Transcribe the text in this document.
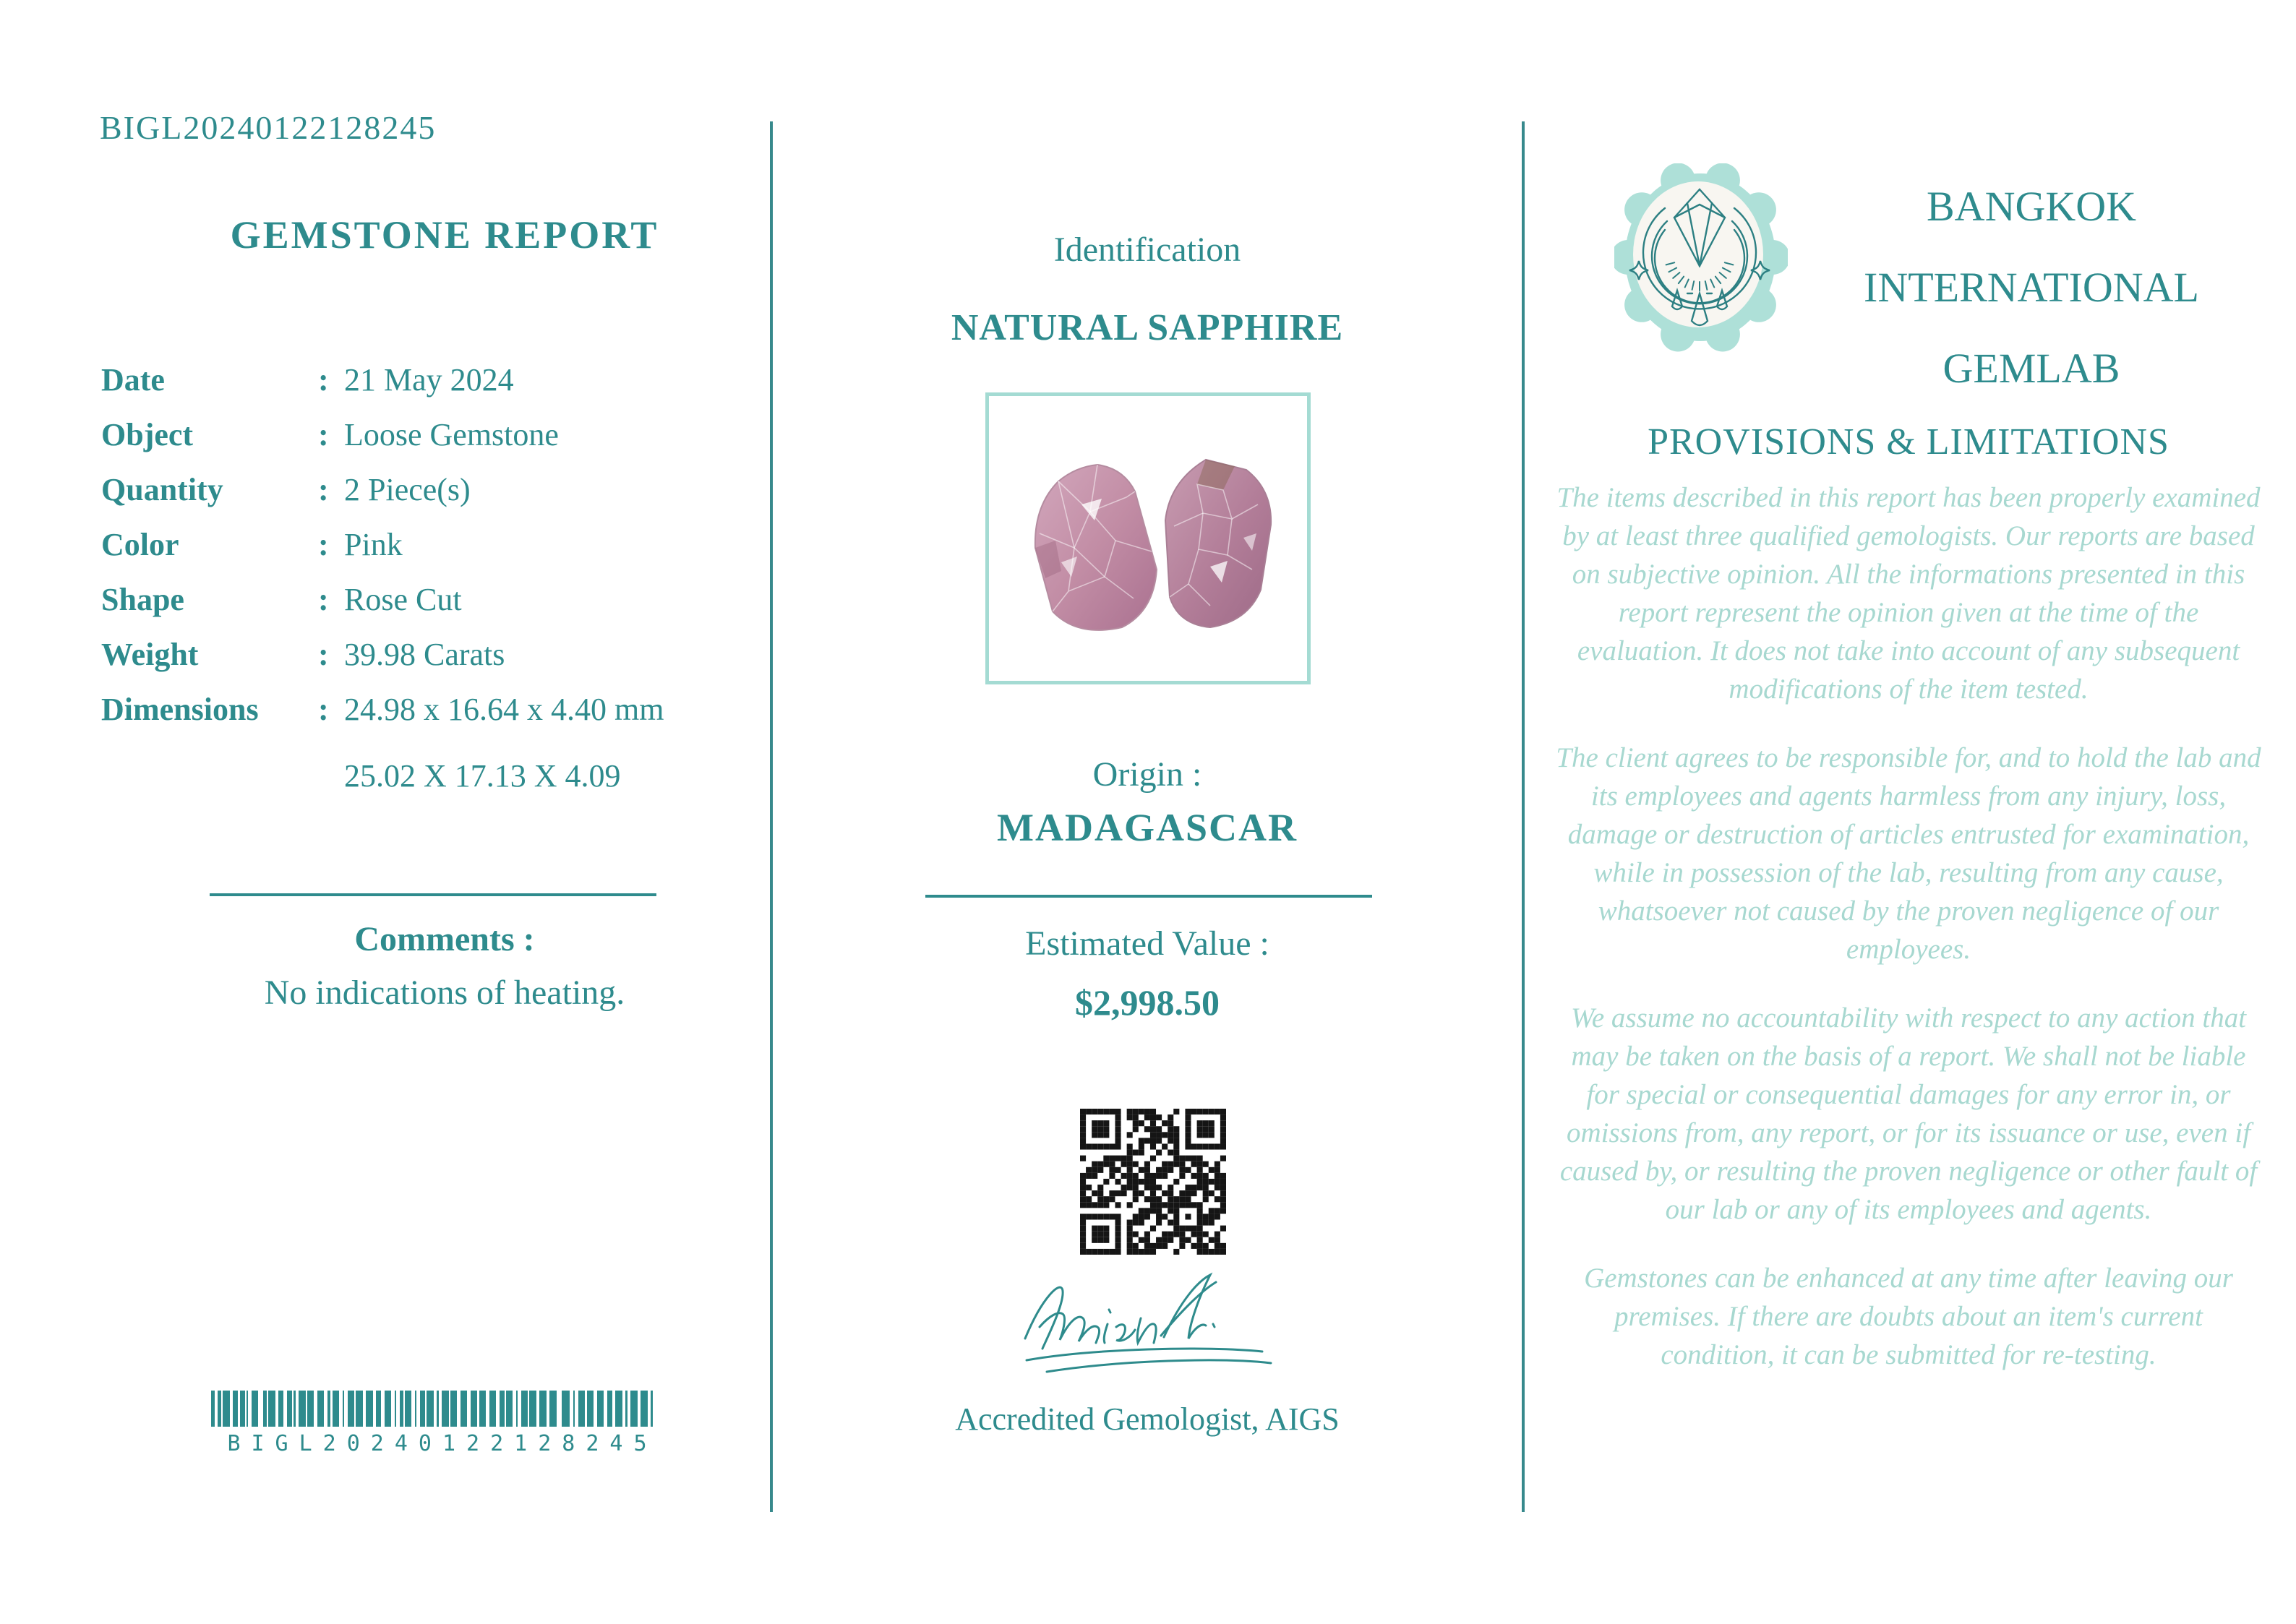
BIGL20240122128245
GEMSTONE REPORT
Date	: 21 May 2024
Object	: Loose Gemstone
Quantity	: 2 Piece(s)
Color	: Pink
Shape	: Rose Cut
Weight	: 39.98 Carats
Dimensions	: 24.98 x 16.64 x 4.40 mm
25.02 X 17.13 X 4.09
Comments :
No indications of heating.
BIGL20240122128245
Identification
NATURAL SAPPHIRE
Origin :
MADAGASCAR
Estimated Value :
$2,998.50
Accredited Gemologist, AIGS
BANGKOK
INTERNATIONAL
GEMLAB
PROVISIONS & LIMITATIONS

The items described in this report has been properly examined by at least three qualified gemologists. Our reports are based on subjective opinion. All the informations presented in this report represent the opinion given at the time of the evaluation. It does not take into account of any subsequent modifications of the item tested.

The client agrees to be responsible for, and to hold the lab and its employees and agents harmless from any injury, loss, damage or destruction of articles entrusted for examination, while in possession of the lab, resulting from any cause, whatsoever not caused by the proven negligence of our employees.

We assume no accountability with respect to any action that may be taken on the basis of a report. We shall not be liable for special or consequential damages for any error in, or omissions from, any report, or for its issuance or use, even if caused by, or resulting the proven negligence or other fault of our lab or any of its employees and agents.

Gemstones can be enhanced at any time after leaving our premises. If there are doubts about an item's current condition, it can be submitted for re-testing.
